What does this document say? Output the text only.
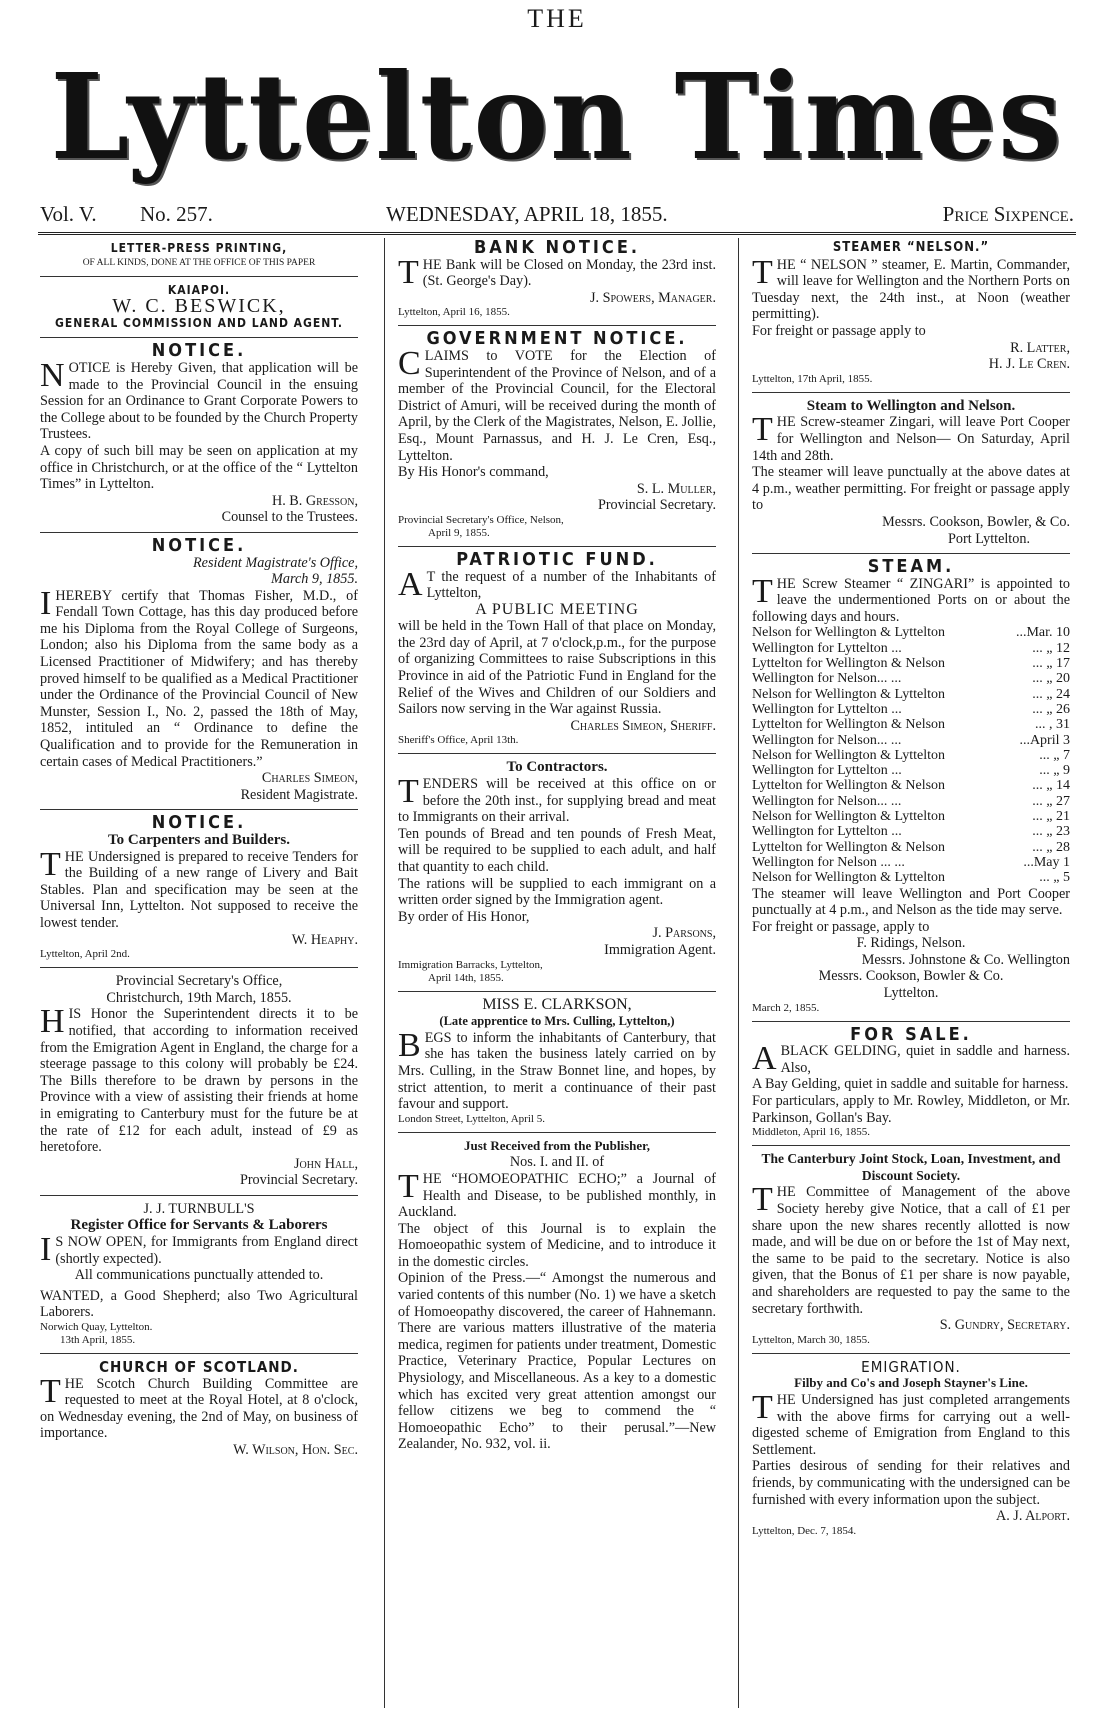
THE
Lyttelton Times
Vol. V. No. 257.	WEDNESDAY, APRIL 18, 1855.	Price Sixpence.
LETTER-PRESS PRINTING,
OF ALL KINDS, DONE AT THE OFFICE OF THIS PAPER
KAIAPOI.
W. C. BESWICK,
GENERAL COMMISSION AND LAND AGENT.
NOTICE.
N OTICE is Hereby Given, that application will be made to the Provincial Council in the ensuing Session for an Ordinance to Grant Corporate Powers to the College about to be founded by the Church Property Trustees.
A copy of such bill may be seen on application at my office in Christchurch, or at the office of the “ Lyttelton Times” in Lyttelton.
H. B. Gresson,
Counsel to the Trustees.
NOTICE.
Resident Magistrate's Office,
March 9, 1855.
I HEREBY certify that Thomas Fisher, M.D., of Fendall Town Cottage, has this day produced before me his Diploma from the Royal College of Surgeons, London; also his Diploma from the same body as a Licensed Practitioner of Midwifery; and has thereby proved himself to be qualified as a Medical Practitioner under the Ordinance of the Provincial Council of New Munster, Session I., No. 2, passed the 18th of May, 1852, intituled an “ Ordinance to define the Qualification and to provide for the Remuneration in certain cases of Medical Practitioners.”
Charles Simeon,
Resident Magistrate.
NOTICE.
To Carpenters and Builders.
T HE Undersigned is prepared to receive Tenders for the Building of a new range of Livery and Bait Stables. Plan and specification may be seen at the Universal Inn, Lyttelton. Not supposed to receive the lowest tender.
W. Heaphy.
Lyttelton, April 2nd.
Provincial Secretary's Office,
Christchurch, 19th March, 1855.
H IS Honor the Superintendent directs it to be notified, that according to information received from the Emigration Agent in England, the charge for a steerage passage to this colony will probably be £24. The Bills therefore to be drawn by persons in the Province with a view of assisting their friends at home in emigrating to Canterbury must for the future be at the rate of £12 for each adult, instead of £9 as heretofore.
John Hall,
Provincial Secretary.
J. J. TURNBULL'S
Register Office for Servants & Laborers
I S NOW OPEN, for Immigrants from England direct (shortly expected).
All communications punctually attended to.
WANTED, a Good Shepherd; also Two Agricultural Laborers.
Norwich Quay, Lyttelton.
13th April, 1855.
CHURCH OF SCOTLAND.
T HE Scotch Church Building Committee are requested to meet at the Royal Hotel, at 8 o'clock, on Wednesday evening, the 2nd of May, on business of importance.
W. Wilson, Hon. Sec.
BANK NOTICE.
T HE Bank will be Closed on Monday, the 23rd inst. (St. George's Day).
J. Spowers, Manager.
Lyttelton, April 16, 1855.
GOVERNMENT NOTICE.
C LAIMS to VOTE for the Election of Superintendent of the Province of Nelson, and of a member of the Provincial Council, for the Electoral District of Amuri, will be received during the month of April, by the Clerk of the Magistrates, Nelson, E. Jollie, Esq., Mount Parnassus, and H. J. Le Cren, Esq., Lyttelton.
By His Honor's command,
S. L. Muller,
Provincial Secretary.
Provincial Secretary's Office, Nelson,
April 9, 1855.
PATRIOTIC FUND.
A T the request of a number of the Inhabitants of Lyttelton,
A PUBLIC MEETING
will be held in the Town Hall of that place on Monday, the 23rd day of April, at 7 o'clock,p.m., for the purpose of organizing Committees to raise Subscriptions in this Province in aid of the Patriotic Fund in England for the Relief of the Wives and Children of our Soldiers and Sailors now serving in the War against Russia.
Charles Simeon, Sheriff.
Sheriff's Office, April 13th.
To Contractors.
T ENDERS will be received at this office on or before the 20th inst., for supplying bread and meat to Immigrants on their arrival.
Ten pounds of Bread and ten pounds of Fresh Meat, will be required to be supplied to each adult, and half that quantity to each child.
The rations will be supplied to each immigrant on a written order signed by the Immigration agent.
By order of His Honor,
J. Parsons,
Immigration Agent.
Immigration Barracks, Lyttelton,
April 14th, 1855.
MISS E. CLARKSON,
(Late apprentice to Mrs. Culling, Lyttelton,)
B EGS to inform the inhabitants of Canterbury, that she has taken the business lately carried on by Mrs. Culling, in the Straw Bonnet line, and hopes, by strict attention, to merit a continuance of their past favour and support.
London Street, Lyttelton, April 5.
Just Received from the Publisher,
Nos. I. and II. of
T HE “HOMOEOPATHIC ECHO;” a Journal of Health and Disease, to be published monthly, in Auckland.
The object of this Journal is to explain the Homoeopathic system of Medicine, and to introduce it in the domestic circles.
Opinion of the Press.—“ Amongst the numerous and varied contents of this number (No. 1) we have a sketch of Homoeopathy discovered, the career of Hahnemann. There are various matters illustrative of the materia medica, regimen for patients under treatment, Domestic Practice, Veterinary Practice, Popular Lectures on Physiology, and Miscellaneous. As a key to a domestic which has excited very great attention amongst our fellow citizens we beg to commend the “ Homoeopathic Echo” to their perusal.”—New Zealander, No. 932, vol. ii.
STEAMER “NELSON.”
T HE “ NELSON ” steamer, E. Martin, Commander, will leave for Wellington and the Northern Ports on Tuesday next, the 24th inst., at Noon (weather permitting).
For freight or passage apply to
R. Latter,
H. J. Le Cren.
Lyttelton, 17th April, 1855.
Steam to Wellington and Nelson.
T HE Screw-steamer Zingari, will leave Port Cooper for Wellington and Nelson— On Saturday, April 14th and 28th.
The steamer will leave punctually at the above dates at 4 p.m., weather permitting. For freight or passage apply to
Messrs. Cookson, Bowler, & Co.
Port Lyttelton.
STEAM.
T HE Screw Steamer “ ZINGARI” is appointed to leave the undermentioned Ports on or about the following days and hours.
Nelson for Wellington & Lyttelton	...Mar. 10
Wellington for Lyttelton ...	... „ 12
Lyttelton for Wellington & Nelson	... „ 17
Wellington for Nelson... ...	... „ 20
Nelson for Wellington & Lyttelton	... „ 24
Wellington for Lyttelton ...	... „ 26
Lyttelton for Wellington & Nelson	... , 31
Wellington for Nelson... ...	...April 3
Nelson for Wellington & Lyttelton	... „ 7
Wellington for Lyttelton ...	... „ 9
Lyttelton for Wellington & Nelson	... „ 14
Wellington for Nelson... ...	... „ 27
Nelson for Wellington & Lyttelton	... „ 21
Wellington for Lyttelton ...	... „ 23
Lyttelton for Wellington & Nelson	... „ 28
Wellington for Nelson ... ...	...May 1
Nelson for Wellington & Lyttelton	... „ 5
The steamer will leave Wellington and Port Cooper punctually at 4 p.m., and Nelson as the tide may serve.
For freight or passage, apply to
F. Ridings, Nelson.
Messrs. Johnstone & Co. Wellington
Messrs. Cookson, Bowler & Co.
Lyttelton.
March 2, 1855.
FOR SALE.
A BLACK GELDING, quiet in saddle and harness. Also,
A Bay Gelding, quiet in saddle and suitable for harness.
For particulars, apply to Mr. Rowley, Middleton, or Mr. Parkinson, Gollan's Bay.
Middleton, April 16, 1855.
The Canterbury Joint Stock, Loan, Investment, and Discount Society.
T HE Committee of Management of the above Society hereby give Notice, that a call of £1 per share upon the new shares recently allotted is now made, and will be due on or before the 1st of May next, the same to be paid to the secretary. Notice is also given, that the Bonus of £1 per share is now payable, and shareholders are requested to pay the same to the secretary forthwith.
S. Gundry, Secretary.
Lyttelton, March 30, 1855.
EMIGRATION.
Filby and Co's and Joseph Stayner's Line.
T HE Undersigned has just completed arrangements with the above firms for carrying out a well-digested scheme of Emigration from England to this Settlement.
Parties desirous of sending for their relatives and friends, by communicating with the undersigned can be furnished with every information upon the subject.
A. J. Alport.
Lyttelton, Dec. 7, 1854.
